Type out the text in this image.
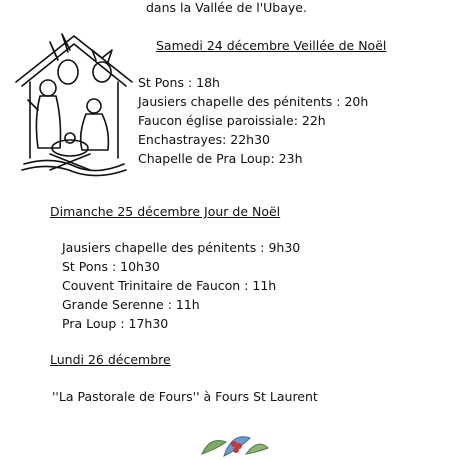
dans la Vallée de l'Ubaye.
Samedi 24 décembre Veillée de Noël
St Pons : 18h
Jausiers chapelle des pénitents : 20h
Faucon église paroissiale: 22h
Enchastrayes: 22h30
Chapelle de Pra Loup: 23h
Dimanche 25 décembre Jour de Noël
Jausiers chapelle des pénitents : 9h30
St Pons : 10h30
Couvent Trinitaire de Faucon : 11h
Grande Serenne : 11h
Pra Loup : 17h30
Lundi 26 décembre
''La Pastorale de Fours'' à Fours St Laurent
